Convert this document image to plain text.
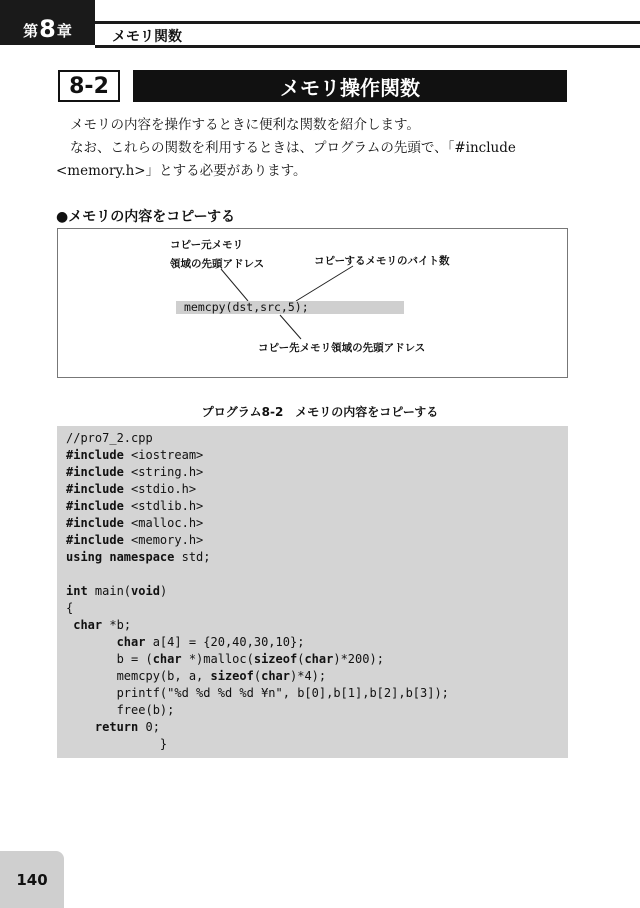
第 8 章	メモリ関数
8-2	メモリ操作関数
メモリの内容を操作するときに便利な関数を紹介します。
なお、これらの関数を利用するときは、プログラムの先頭で、「#include <memory.h>」とする必要があります。
●メモリの内容をコピーする
コピー元メモリ
領域の先頭アドレス	コピーするメモリのバイト数
memcpy(dst,src,5);
コピー先メモリ領域の先頭アドレス
プログラム8-2　メモリの内容をコピーする
//pro7_2.cpp
#include <iostream>
#include <string.h>
#include <stdio.h>
#include <stdlib.h>
#include <malloc.h>
#include <memory.h>
using namespace std;
int main(void)
{
char *b;
char a[4] = {20,40,30,10};
b = (char *)malloc(sizeof(char)*200);
memcpy(b, a, sizeof(char)*4);
printf("%d %d %d %d ¥n", b[0],b[1],b[2],b[3]);
free(b);
return 0;
}
140
